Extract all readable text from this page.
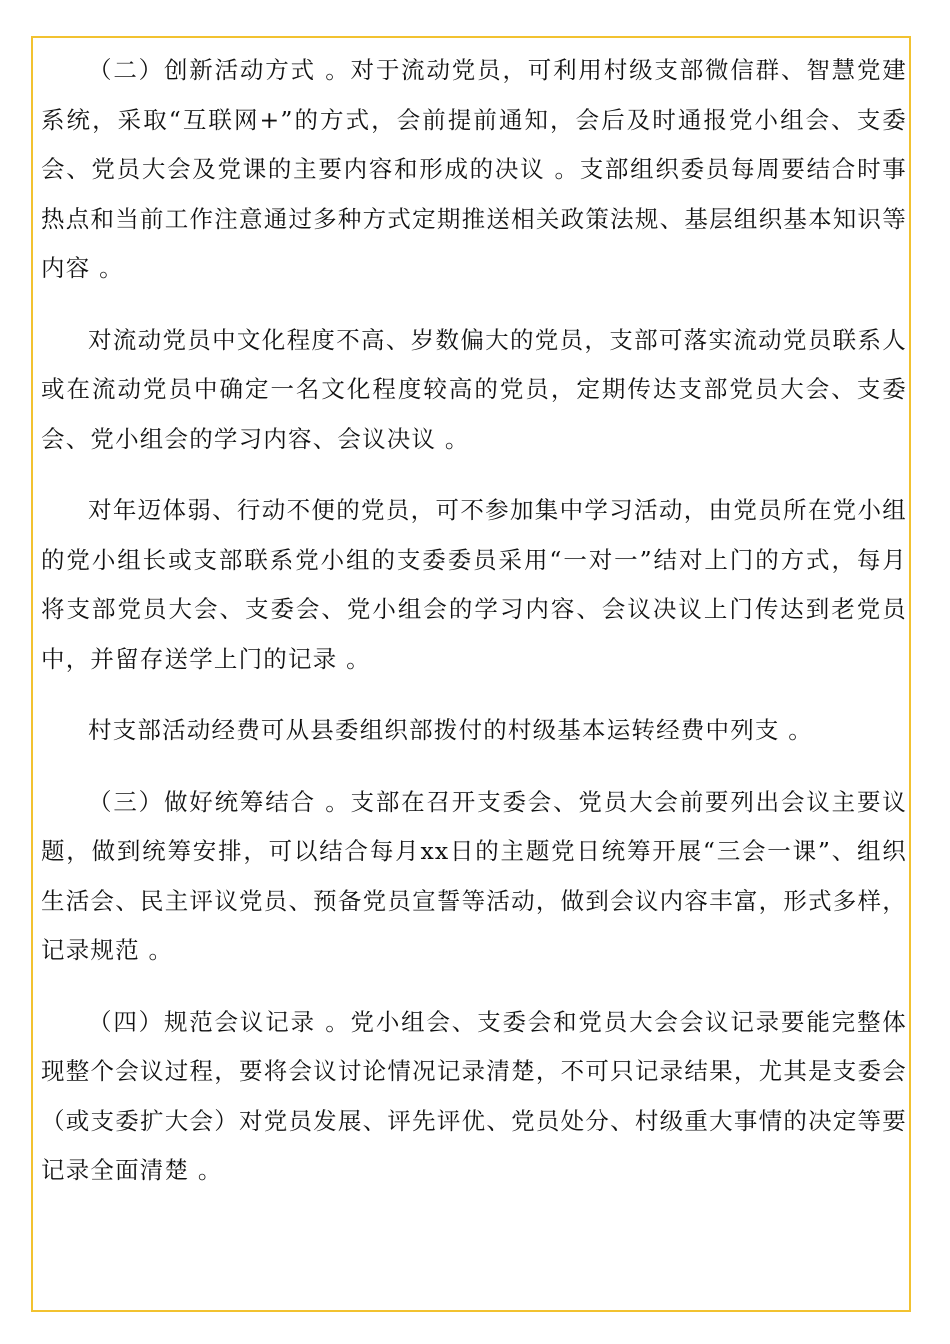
（二）创新活动方式 。对于流动党员，可利用村级支部微信群、智慧党建系统，采取“互联网+”的方式，会前提前通知，会后及时通报党小组会、支委会、党员大会及党课的主要内容和形成的决议 。支部组织委员每周要结合时事热点和当前工作注意通过多种方式定期推送相关政策法规、基层组织基本知识等内容 。

对流动党员中文化程度不高、岁数偏大的党员，支部可落实流动党员联系人或在流动党员中确定一名文化程度较高的党员，定期传达支部党员大会、支委会、党小组会的学习内容、会议决议 。

对年迈体弱、行动不便的党员，可不参加集中学习活动，由党员所在党小组的党小组长或支部联系党小组的支委委员采用“一对一”结对上门的方式，每月将支部党员大会、支委会、党小组会的学习内容、会议决议上门传达到老党员中，并留存送学上门的记录 。

村支部活动经费可从县委组织部拨付的村级基本运转经费中列支 。

（三）做好统筹结合 。支部在召开支委会、党员大会前要列出会议主要议题，做到统筹安排，可以结合每月xx日的主题党日统筹开展“三会一课”、组织生活会、民主评议党员、预备党员宣誓等活动，做到会议内容丰富，形式多样，记录规范 。

（四）规范会议记录 。党小组会、支委会和党员大会会议记录要能完整体现整个会议过程，要将会议讨论情况记录清楚，不可只记录结果，尤其是支委会（或支委扩大会）对党员发展、评先评优、党员处分、村级重大事情的决定等要记录全面清楚 。
